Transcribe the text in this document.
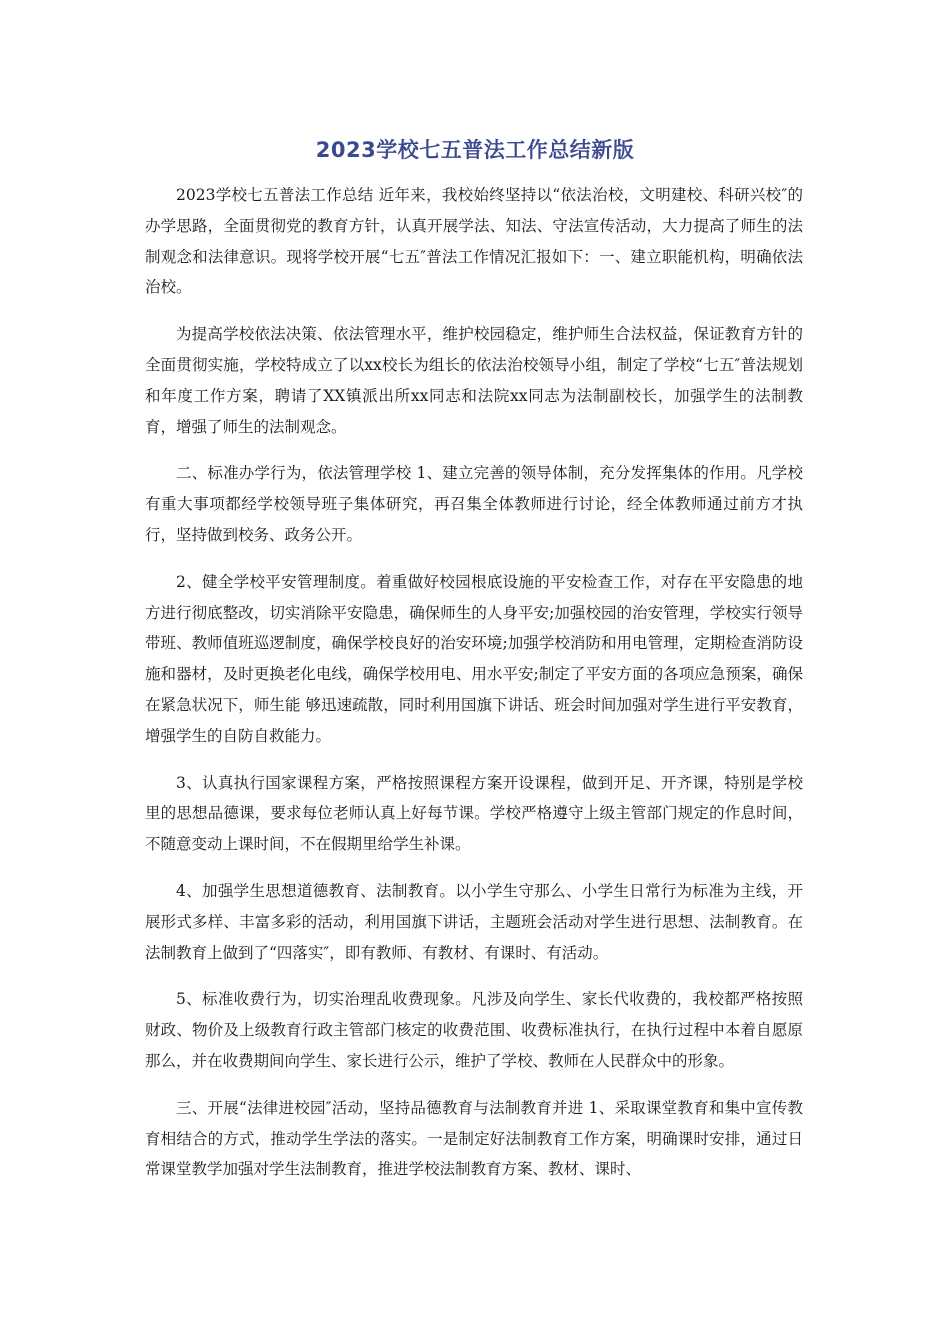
2023学校七五普法工作总结新版

2023学校七五普法工作总结 近年来，我校始终坚持以“依法治校，文明建校、科研兴校″的办学思路，全面贯彻党的教育方针，认真开展学法、知法、守法宣传活动，大力提高了师生的法制观念和法律意识。现将学校开展“七五″普法工作情况汇报如下：一、建立职能机构，明确依法治校。

为提高学校依法决策、依法管理水平，维护校园稳定，维护师生合法权益，保证教育方针的全面贯彻实施，学校特成立了以xx校长为组长的依法治校领导小组，制定了学校“七五″普法规划和年度工作方案，聘请了XX镇派出所xx同志和法院xx同志为法制副校长，加强学生的法制教育，增强了师生的法制观念。

二、标准办学行为，依法管理学校 1、建立完善的领导体制，充分发挥集体的作用。凡学校有重大事项都经学校领导班子集体研究，再召集全体教师进行讨论，经全体教师通过前方才执行，坚持做到校务、政务公开。

2、健全学校平安管理制度。着重做好校园根底设施的平安检查工作，对存在平安隐患的地方进行彻底整改，切实消除平安隐患，确保师生的人身平安;加强校园的治安管理，学校实行领导带班、教师值班巡逻制度，确保学校良好的治安环境;加强学校消防和用电管理，定期检查消防设施和器材，及时更换老化电线，确保学校用电、用水平安;制定了平安方面的各项应急预案，确保在紧急状况下，师生能 够迅速疏散，同时利用国旗下讲话、班会时间加强对学生进行平安教育，增强学生的自防自救能力。

3、认真执行国家课程方案，严格按照课程方案开设课程，做到开足、开齐课，特别是学校里的思想品德课，要求每位老师认真上好每节课。学校严格遵守上级主管部门规定的作息时间，不随意变动上课时间，不在假期里给学生补课。

4、加强学生思想道德教育、法制教育。以小学生守那么、小学生日常行为标准为主线，开展形式多样、丰富多彩的活动，利用国旗下讲话，主题班会活动对学生进行思想、法制教育。在法制教育上做到了“四落实″，即有教师、有教材、有课时、有活动。

5、标准收费行为，切实治理乱收费现象。凡涉及向学生、家长代收费的，我校都严格按照财政、物价及上级教育行政主管部门核定的收费范围、收费标准执行，在执行过程中本着自愿原那么，并在收费期间向学生、家长进行公示，维护了学校、教师在人民群众中的形象。

三、开展“法律进校园″活动，坚持品德教育与法制教育并进 1、采取课堂教育和集中宣传教育相结合的方式，推动学生学法的落实。一是制定好法制教育工作方案，明确课时安排，通过日常课堂教学加强对学生法制教育，推进学校法制教育方案、教材、课时、
